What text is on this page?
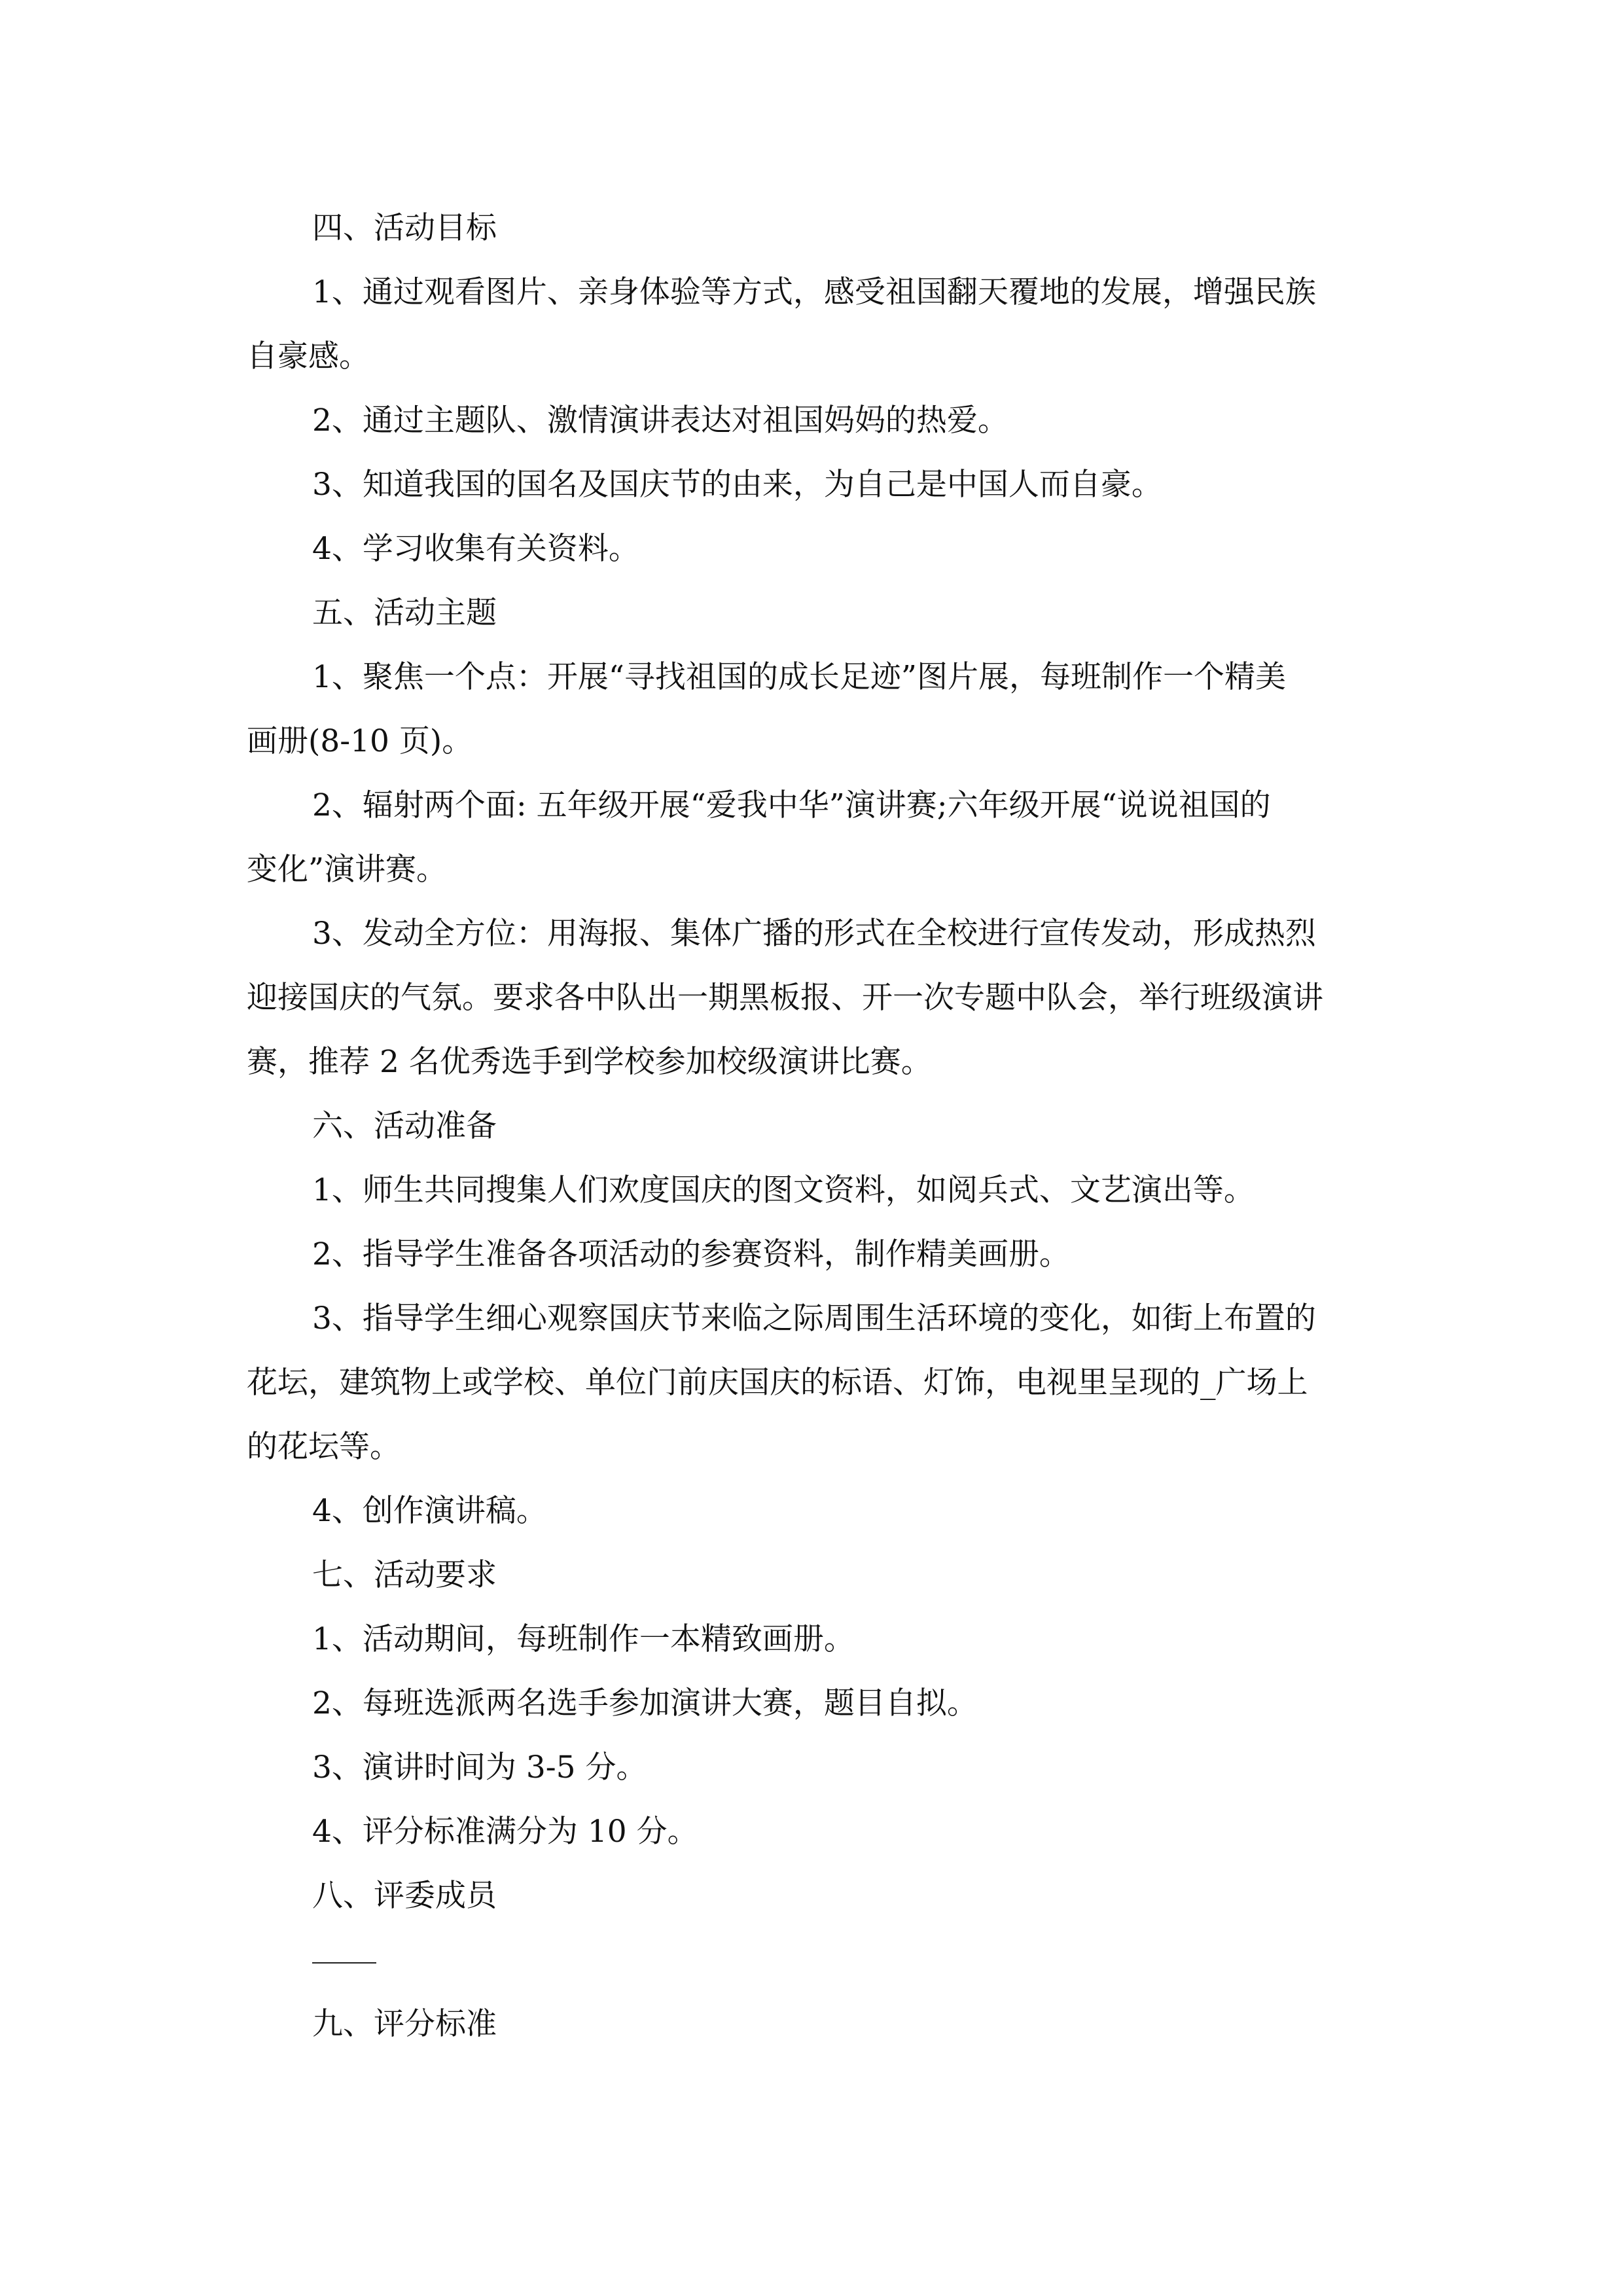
四、活动目标
1、通过观看图片、亲身体验等方式，感受祖国翻天覆地的发展，增强民族
自豪感。
2、通过主题队、激情演讲表达对祖国妈妈的热爱。
3、知道我国的国名及国庆节的由来，为自己是中国人而自豪。
4、学习收集有关资料。
五、活动主题
1、聚焦一个点：开展“寻找祖国的成长足迹”图片展，每班制作一个精美
画册(8-10 页)。
2、辐射两个面: 五年级开展“爱我中华”演讲赛;六年级开展“说说祖国的
变化”演讲赛。
3、发动全方位：用海报、集体广播的形式在全校进行宣传发动，形成热烈
迎接国庆的气氛。要求各中队出一期黑板报、开一次专题中队会，举行班级演讲
赛，推荐 2 名优秀选手到学校参加校级演讲比赛。
六、活动准备
1、师生共同搜集人们欢度国庆的图文资料，如阅兵式、文艺演出等。
2、指导学生准备各项活动的参赛资料，制作精美画册。
3、指导学生细心观察国庆节来临之际周围生活环境的变化，如街上布置的
花坛，建筑物上或学校、单位门前庆国庆的标语、灯饰，电视里呈现的_广场上
的花坛等。
4、创作演讲稿。
七、活动要求
1、活动期间，每班制作一本精致画册。
2、每班选派两名选手参加演讲大赛，题目自拟。
3、演讲时间为 3-5 分。
4、评分标准满分为 10 分。
八、评委成员
九、评分标准
